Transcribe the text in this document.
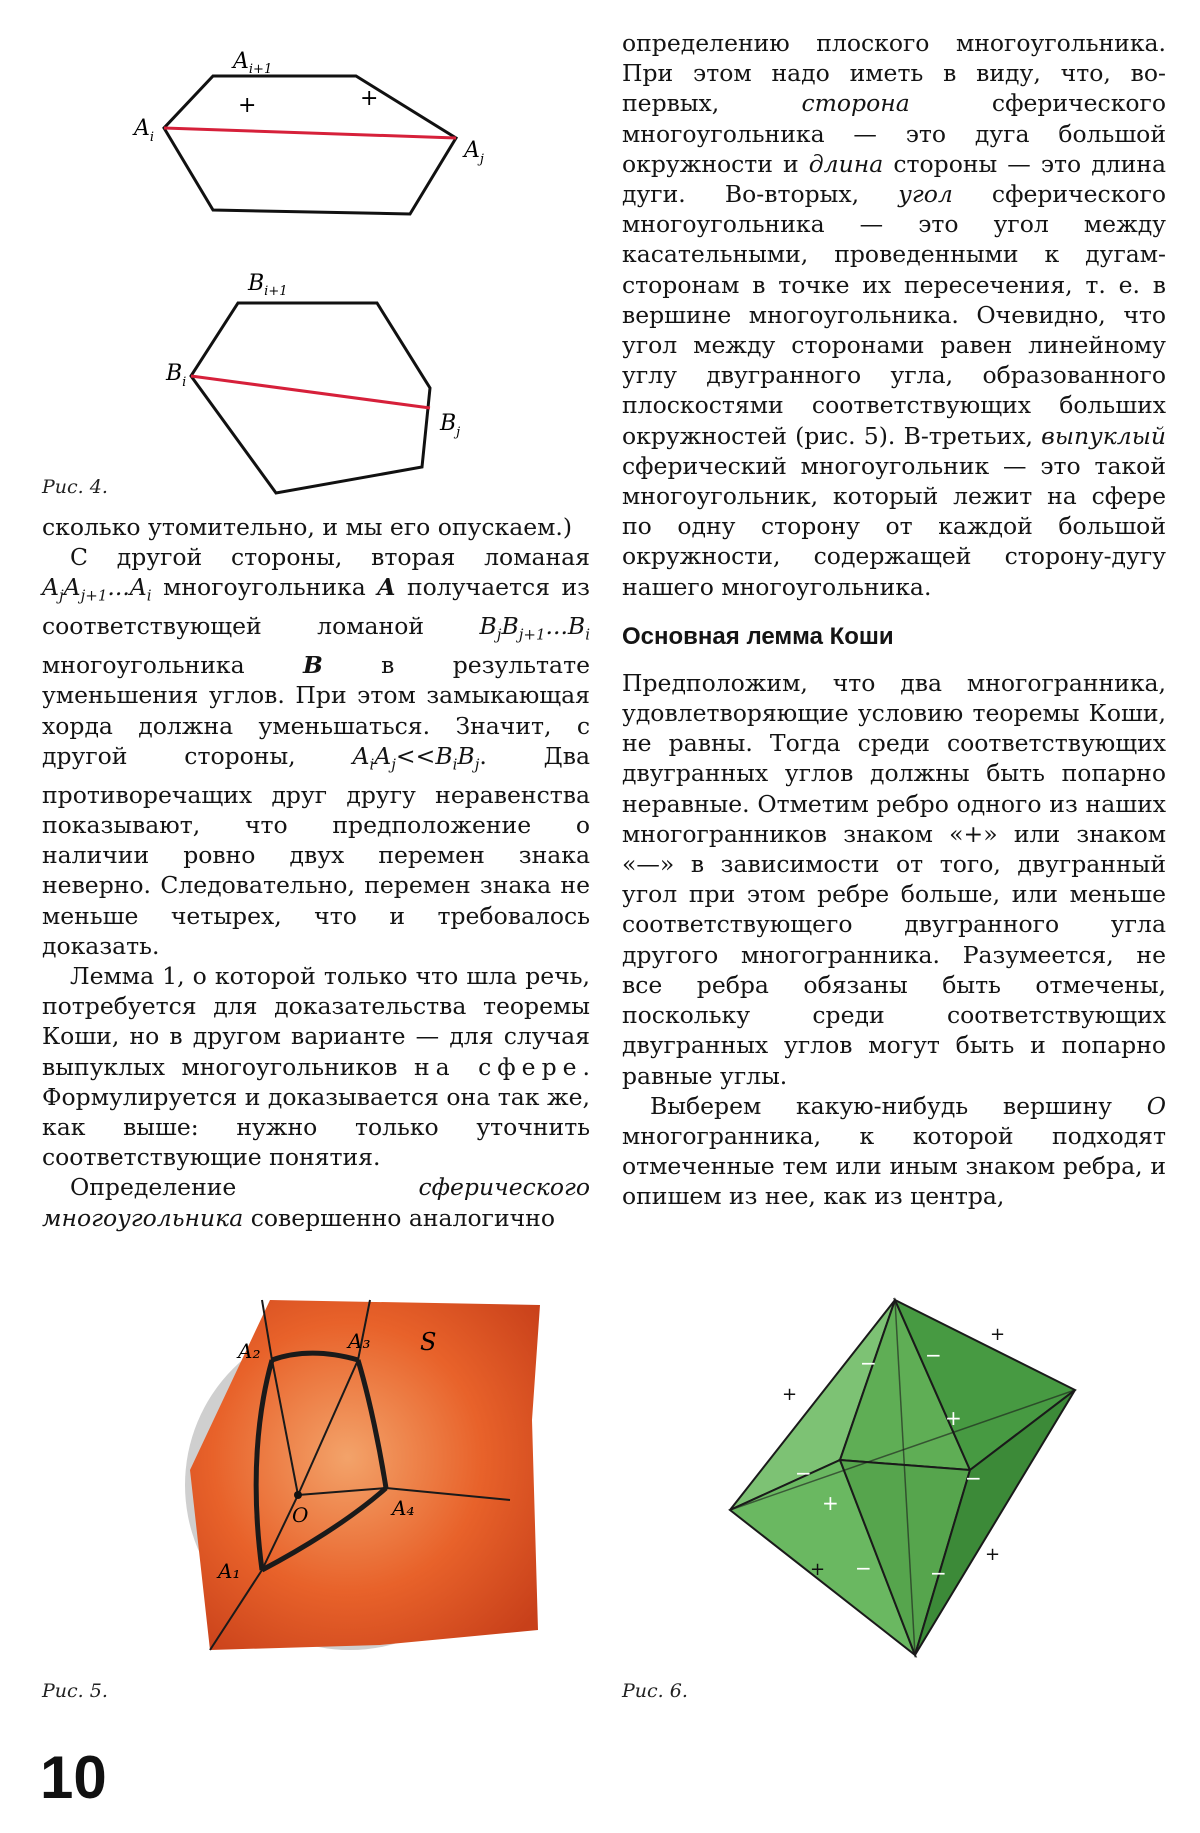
$A_{i+1}$
+	+
$A_i$
$A_j$
$B_{i+1}$
$B_i$
$B_j$
Рис. 4.

сколько утомительно, и мы его опускаем.)

С другой стороны, вторая ломаная $A_jA_{j+1}...A_i$ многоугольника A получается из соответствующей ломаной $B_jB_{j+1}...B_i$ многоугольника B в результате уменьшения углов. При этом замыкающая хорда должна уменьшаться. Значит, с другой стороны, $A_iA_j<<B_iB_j$. Два противоречащих друг другу неравенства показывают, что предположение о наличии ровно двух перемен знака неверно. Следовательно, перемен знака не меньше четырех, что и требовалось доказать.

Лемма 1, о которой только что шла речь, потребуется для доказательства теоремы Коши, но в другом варианте — для случая выпуклых многоугольников на сфере. Формулируется и доказывается она так же, как выше: нужно только уточнить соответствующие понятия.

Определение сферического многоугольника совершенно аналогично

определению плоского многоугольника. При этом надо иметь в виду, что, во-первых, сторона сферического многоугольника — это дуга большой окружности и длина стороны — это длина дуги. Во-вторых, угол сферического многоугольника — это угол между касательными, проведенными к дугам-сторонам в точке их пересечения, т. е. в вершине многоугольника. Очевидно, что угол между сторонами равен линейному углу двугранного угла, образованного плоскостями соответствующих больших окружностей (рис. 5). В-третьих, выпуклый сферический многоугольник — это такой многоугольник, который лежит на сфере по одну сторону от каждой большой окружности, содержащей сторону-дугу нашего многоугольника.

Основная лемма Коши

Предположим, что два многогранника, удовлетворяющие условию теоремы Коши, не равны. Тогда среди соответствующих двугранных углов должны быть попарно неравные. Отметим ребро одного из наших многогранников знаком «+» или знаком «—» в зависимости от того, двугранный угол при этом ребре больше, или меньше соответствующего двугранного угла другого многогранника. Разумеется, не все ребра обязаны быть отмечены, поскольку среди соответствующих двугранных углов могут быть и попарно равные углы.

Выберем какую-нибудь вершину O многогранника, к которой подходят отмеченные тем или иным знаком ребра, и опишем из нее, как из центра,

A₁
A₂	A₃
A₄
O
S
Рис. 5.
− −
+
−
+
−
−	−
+
+
+
+
Рис. 6.
10
